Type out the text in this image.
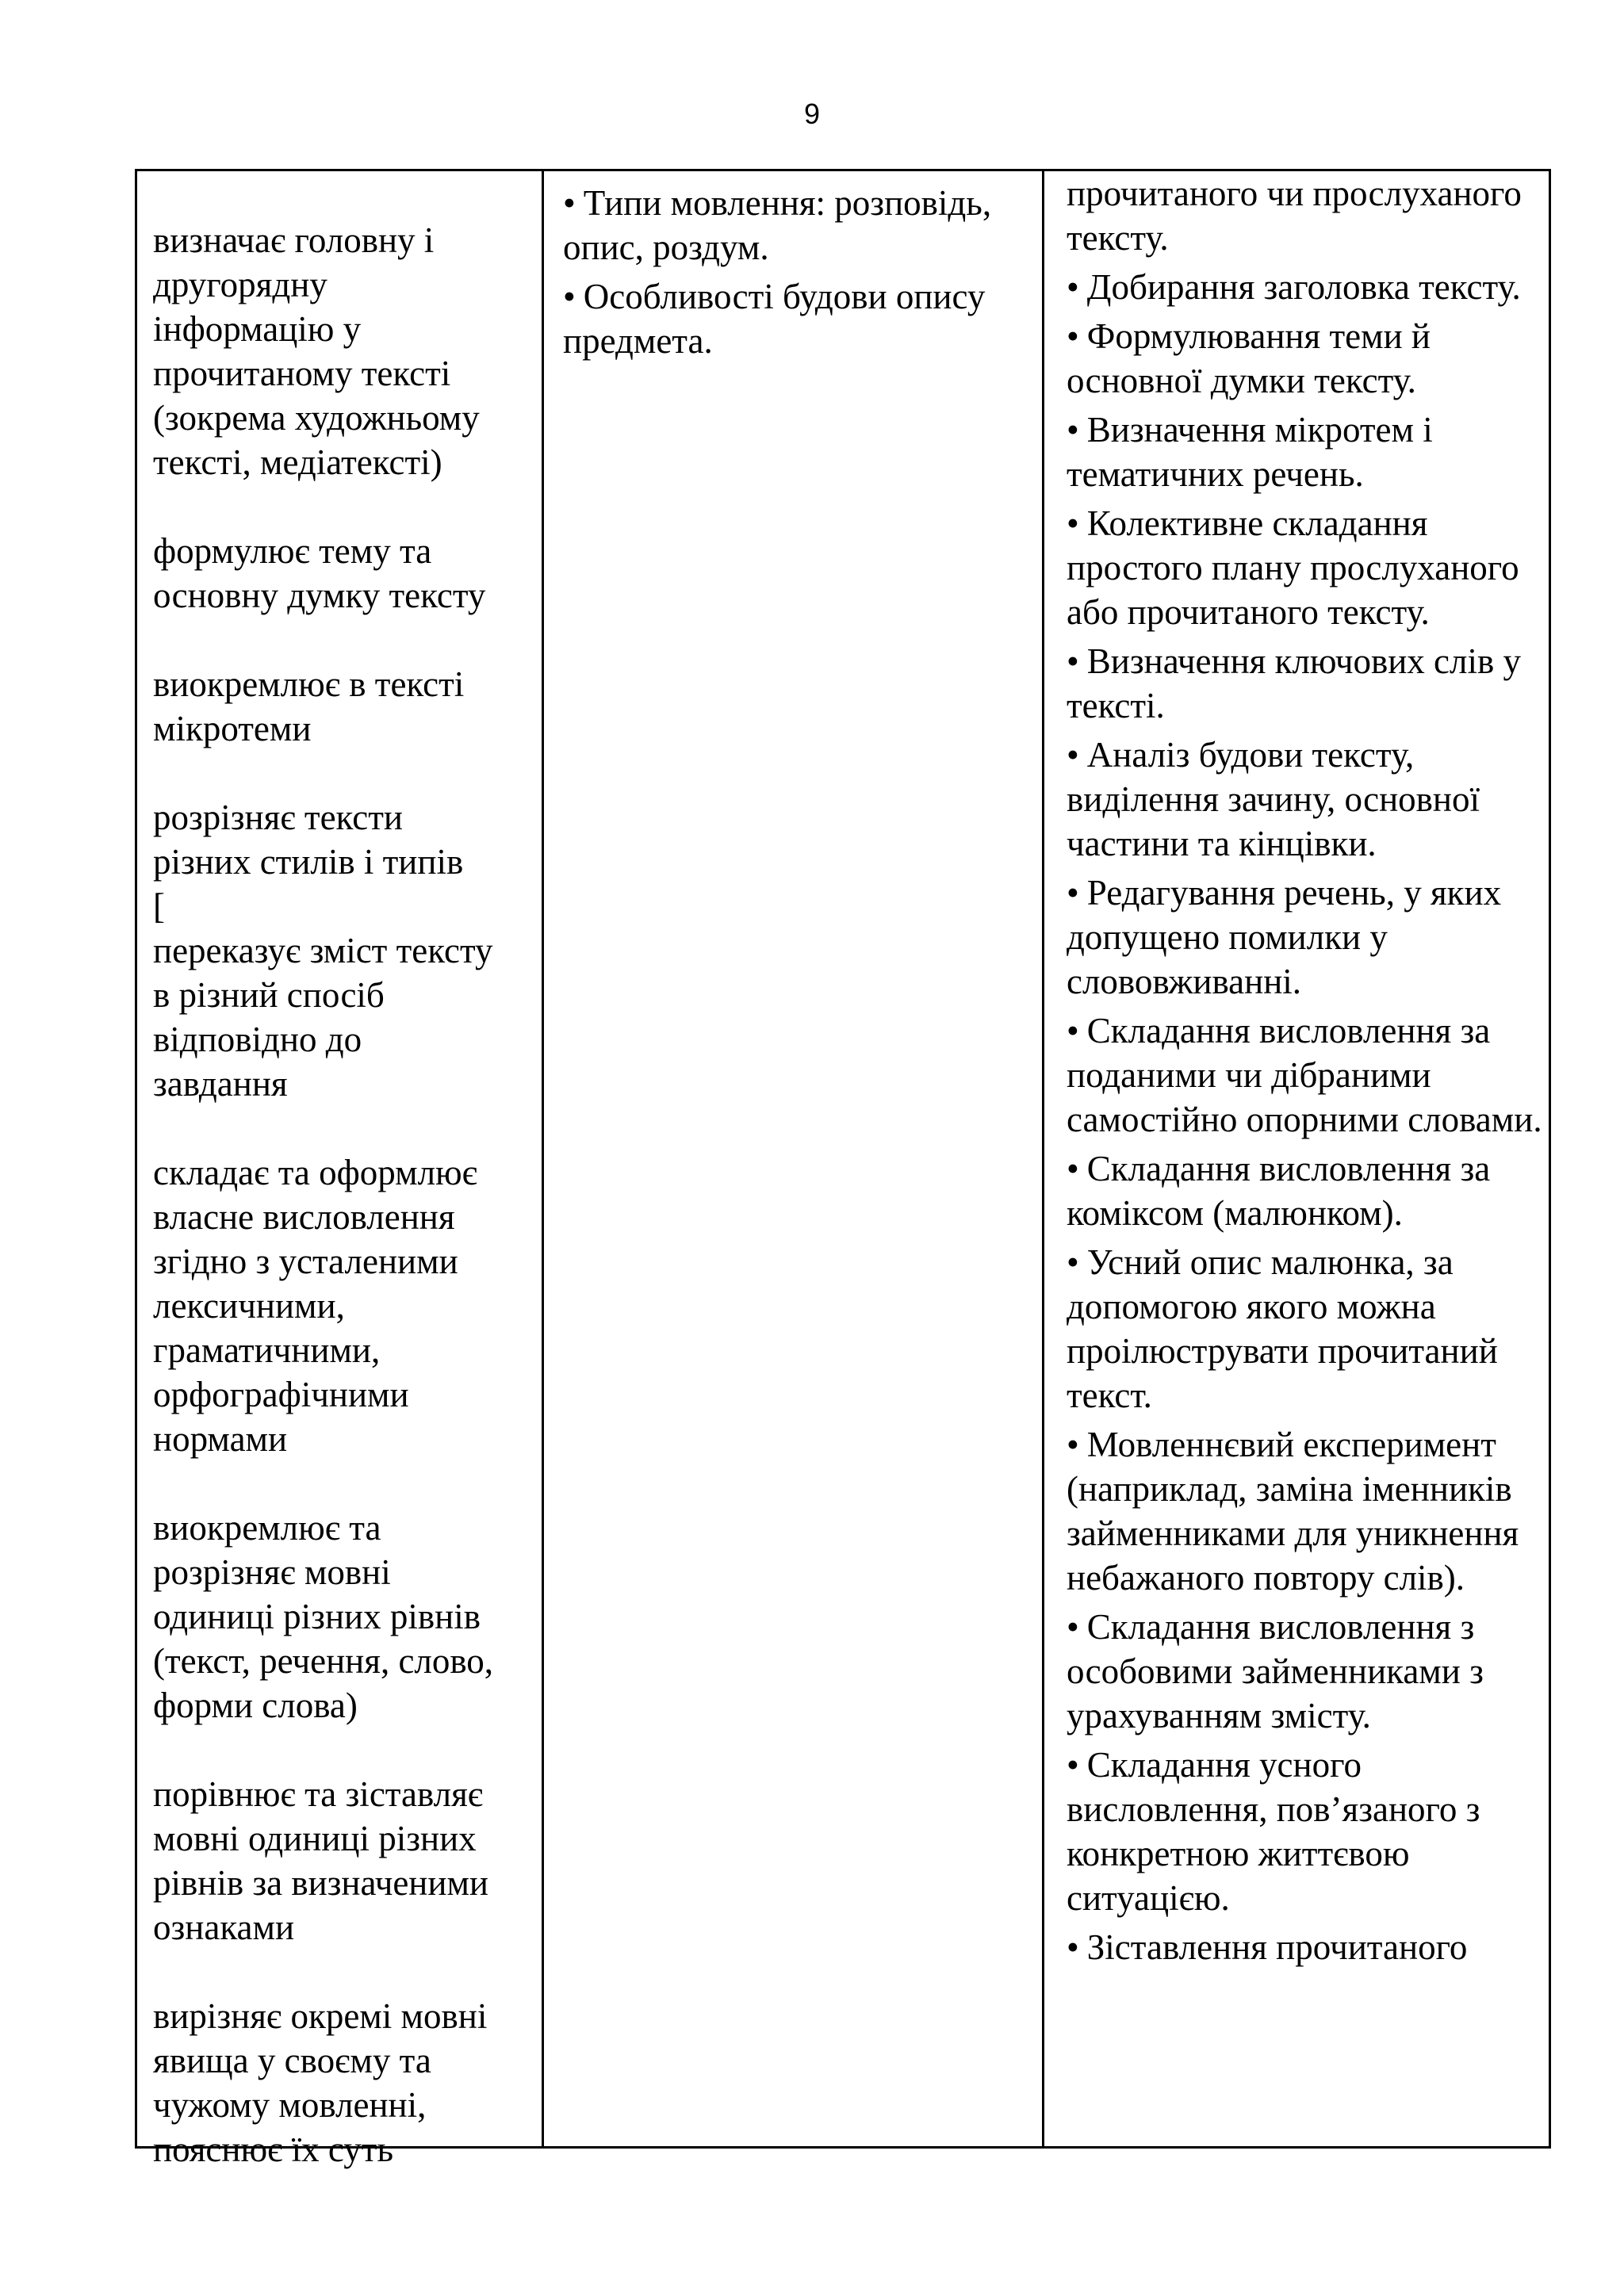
9

визначає головну і
другорядну
інформацію у
прочитаному тексті
(зокрема художньому
тексті, медіатексті)

формулює тему та
основну думку тексту

виокремлює в тексті
мікротеми

розрізняє тексти
різних стилів і типів
[

переказує зміст тексту
в різний спосіб
відповідно до
завдання

складає та оформлює
власне висловлення
згідно з усталеними
лексичними,
граматичними,
орфографічними
нормами

виокремлює та
розрізняє мовні
одиниці різних рівнів
(текст, речення, слово,
форми слова)

порівнює та зіставляє
мовні одиниці різних
рівнів за визначеними
ознаками

вирізняє окремі мовні
явища у своєму та
чужому мовленні,
пояснює їх суть

• Типи мовлення: розповідь, опис, роздум.
• Особливості будови опису предмета.
прочитаного чи прослуханого тексту.
• Добирання заголовка тексту.
• Формулювання теми й основної думки тексту.
• Визначення мікротем і тематичних речень.
• Колективне складання простого плану прослуханого або прочитаного тексту.
• Визначення ключових слів у тексті.
• Аналіз будови тексту, виділення зачину, основної частини та кінцівки.
• Редагування речень, у яких допущено помилки у слововживанні.
• Складання висловлення за поданими чи дібраними самостійно опорними словами.
• Складання висловлення за коміксом (малюнком).
• Усний опис малюнка, за допомогою якого можна проілюструвати прочитаний текст.
• Мовленнєвий експеримент (наприклад, заміна іменників займенниками для уникнення небажаного повтору слів).
• Складання висловлення з особовими займенниками з урахуванням змісту.
• Складання усного висловлення, пов’язаного з конкретною життєвою ситуацією.
• Зіставлення прочитаного
